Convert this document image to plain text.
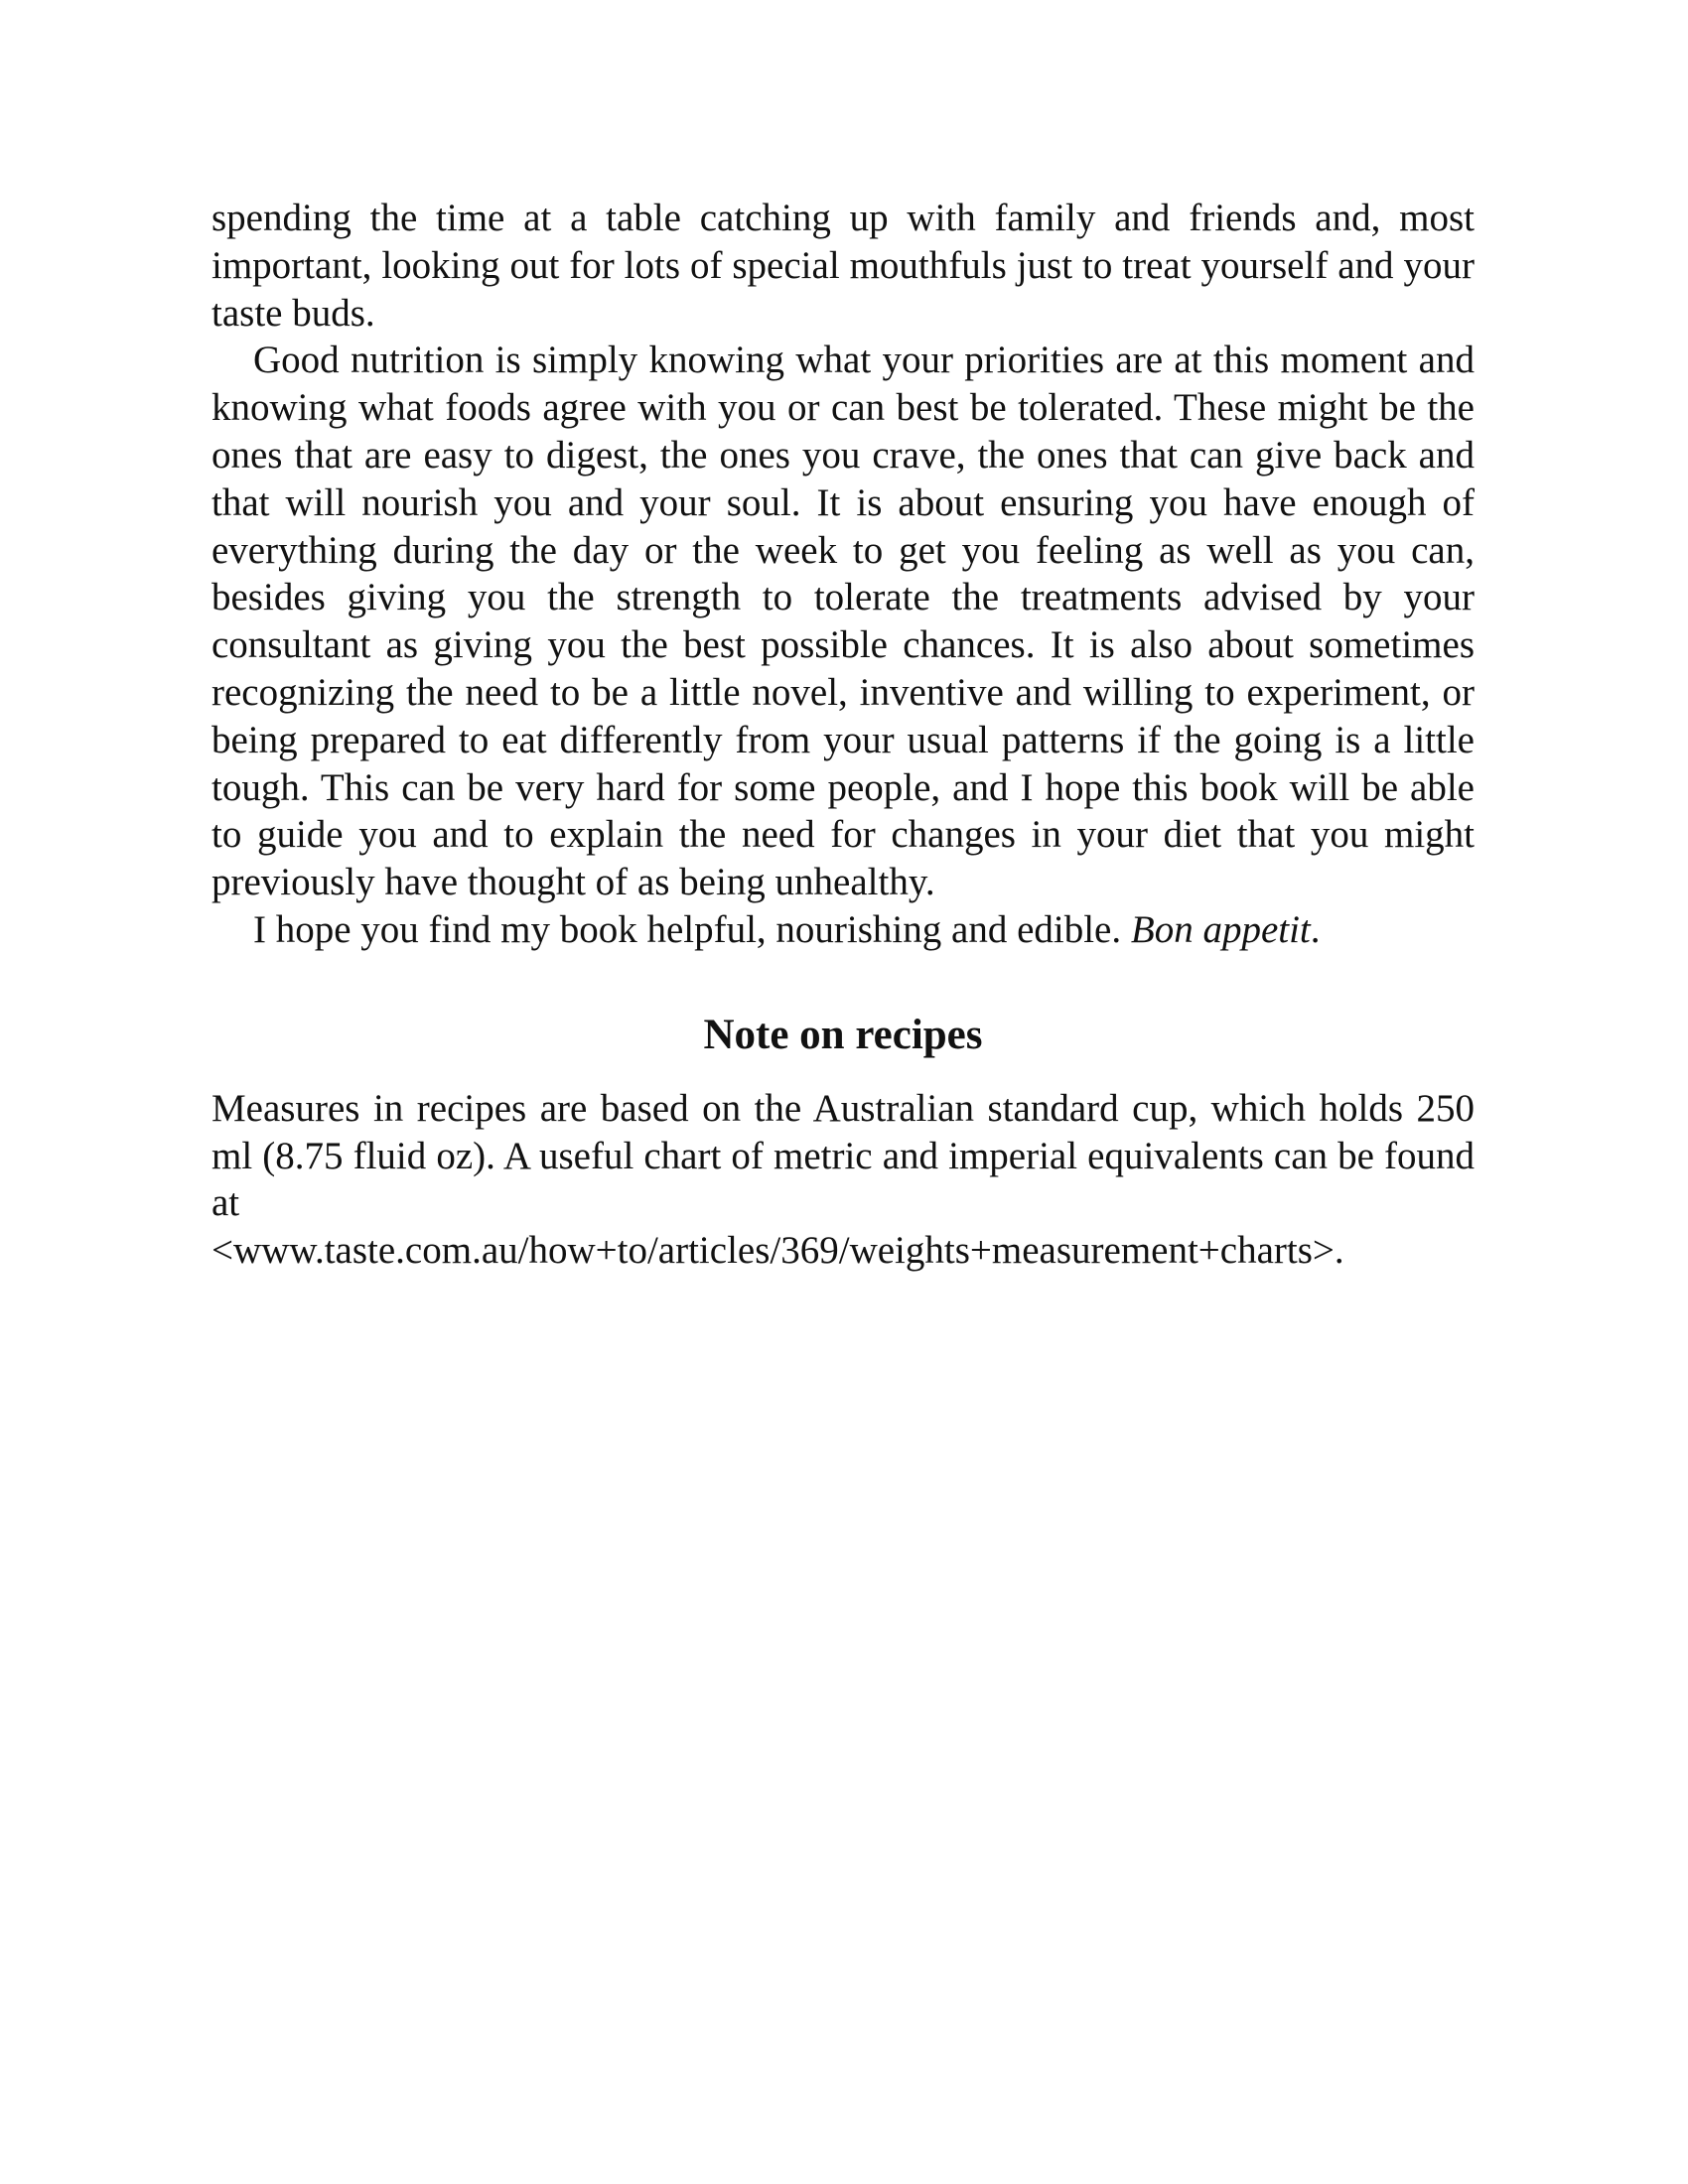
spending the time at a table catching up with family and friends and, most important, looking out for lots of special mouthfuls just to treat yourself and your taste buds.

Good nutrition is simply knowing what your priorities are at this moment and knowing what foods agree with you or can best be tolerated. These might be the ones that are easy to digest, the ones you crave, the ones that can give back and that will nourish you and your soul. It is about ensuring you have enough of everything during the day or the week to get you feeling as well as you can, besides giving you the strength to tolerate the treatments advised by your consultant as giving you the best possible chances. It is also about sometimes recognizing the need to be a little novel, inventive and willing to experiment, or being prepared to eat differently from your usual patterns if the going is a little tough. This can be very hard for some people, and I hope this book will be able to guide you and to explain the need for changes in your diet that you might previously have thought of as being unhealthy.

I hope you find my book helpful, nourishing and edible. Bon appetit.

Note on recipes

Measures in recipes are based on the Australian standard cup, which holds 250 ml (8.75 fluid oz). A useful chart of metric and imperial equivalents can be found at

<www.taste.com.au/how+to/articles/369/weights+measurement+charts>.
